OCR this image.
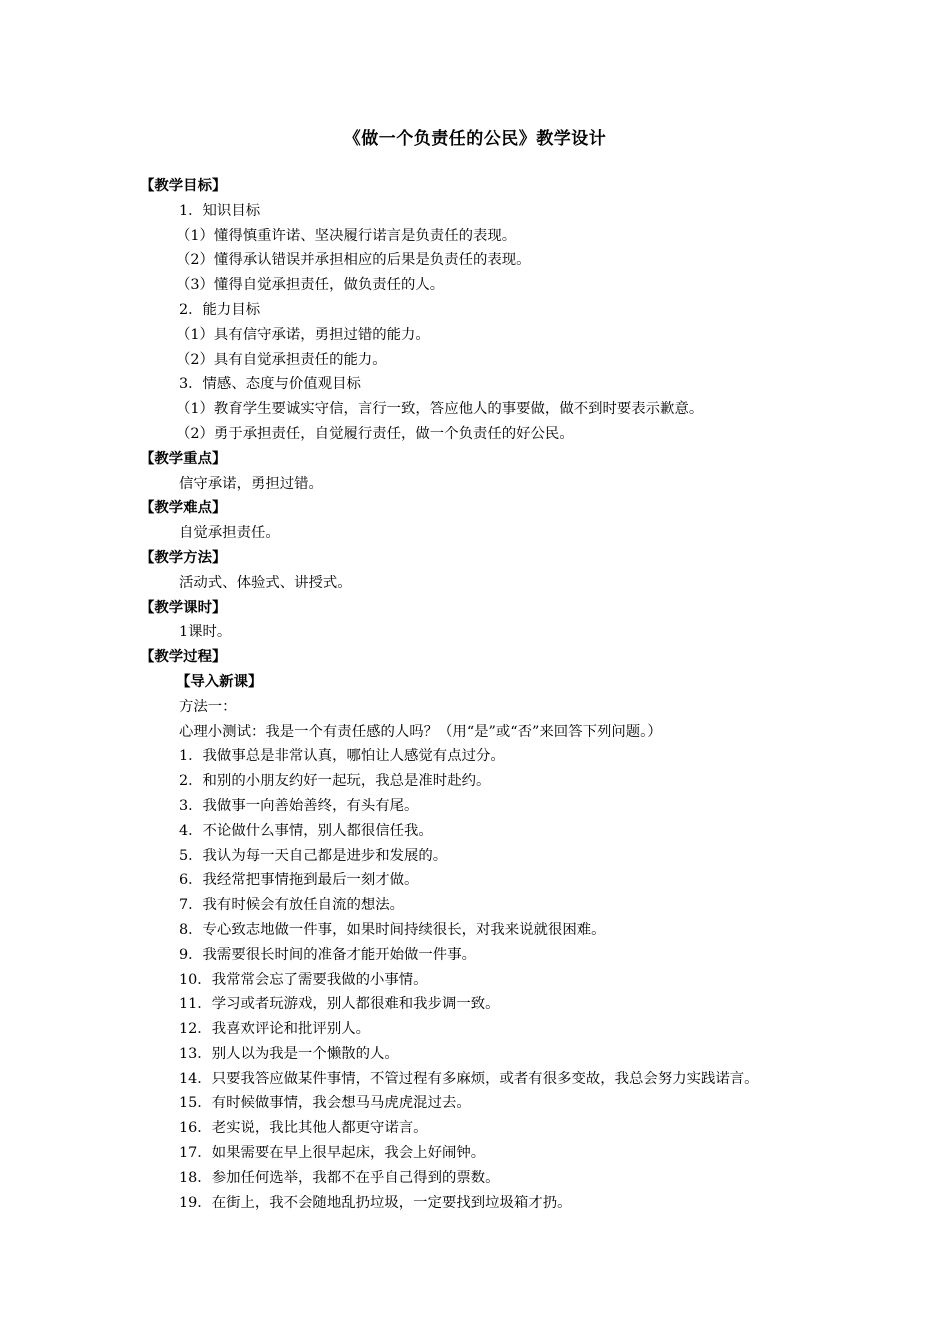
《做一个负责任的公民》教学设计
【教学目标】
1．知识目标
（1）懂得慎重许诺、坚决履行诺言是负责任的表现。
（2）懂得承认错误并承担相应的后果是负责任的表现。
（3）懂得自觉承担责任，做负责任的人。
2．能力目标
（1）具有信守承诺，勇担过错的能力。
（2）具有自觉承担责任的能力。
3．情感、态度与价值观目标
（1）教育学生要诚实守信，言行一致，答应他人的事要做，做不到时要表示歉意。
（2）勇于承担责任，自觉履行责任，做一个负责任的好公民。
【教学重点】
信守承诺，勇担过错。
【教学难点】
自觉承担责任。
【教学方法】
活动式、体验式、讲授式。
【教学课时】
1课时。
【教学过程】
【导入新课】
方法一：
心理小测试：我是一个有责任感的人吗？（用“是”或“否”来回答下列问题。）
1．我做事总是非常认真，哪怕让人感觉有点过分。
2．和别的小朋友约好一起玩，我总是准时赴约。
3．我做事一向善始善终，有头有尾。
4．不论做什么事情，别人都很信任我。
5．我认为每一天自己都是进步和发展的。
6．我经常把事情拖到最后一刻才做。
7．我有时候会有放任自流的想法。
8．专心致志地做一件事，如果时间持续很长，对我来说就很困难。
9．我需要很长时间的准备才能开始做一件事。
10．我常常会忘了需要我做的小事情。
11．学习或者玩游戏，别人都很难和我步调一致。
12．我喜欢评论和批评别人。
13．别人以为我是一个懒散的人。
14．只要我答应做某件事情，不管过程有多麻烦，或者有很多变故，我总会努力实践诺言。
15．有时候做事情，我会想马马虎虎混过去。
16．老实说，我比其他人都更守诺言。
17．如果需要在早上很早起床，我会上好闹钟。
18．参加任何选举，我都不在乎自己得到的票数。
19．在街上，我不会随地乱扔垃圾，一定要找到垃圾箱才扔。
